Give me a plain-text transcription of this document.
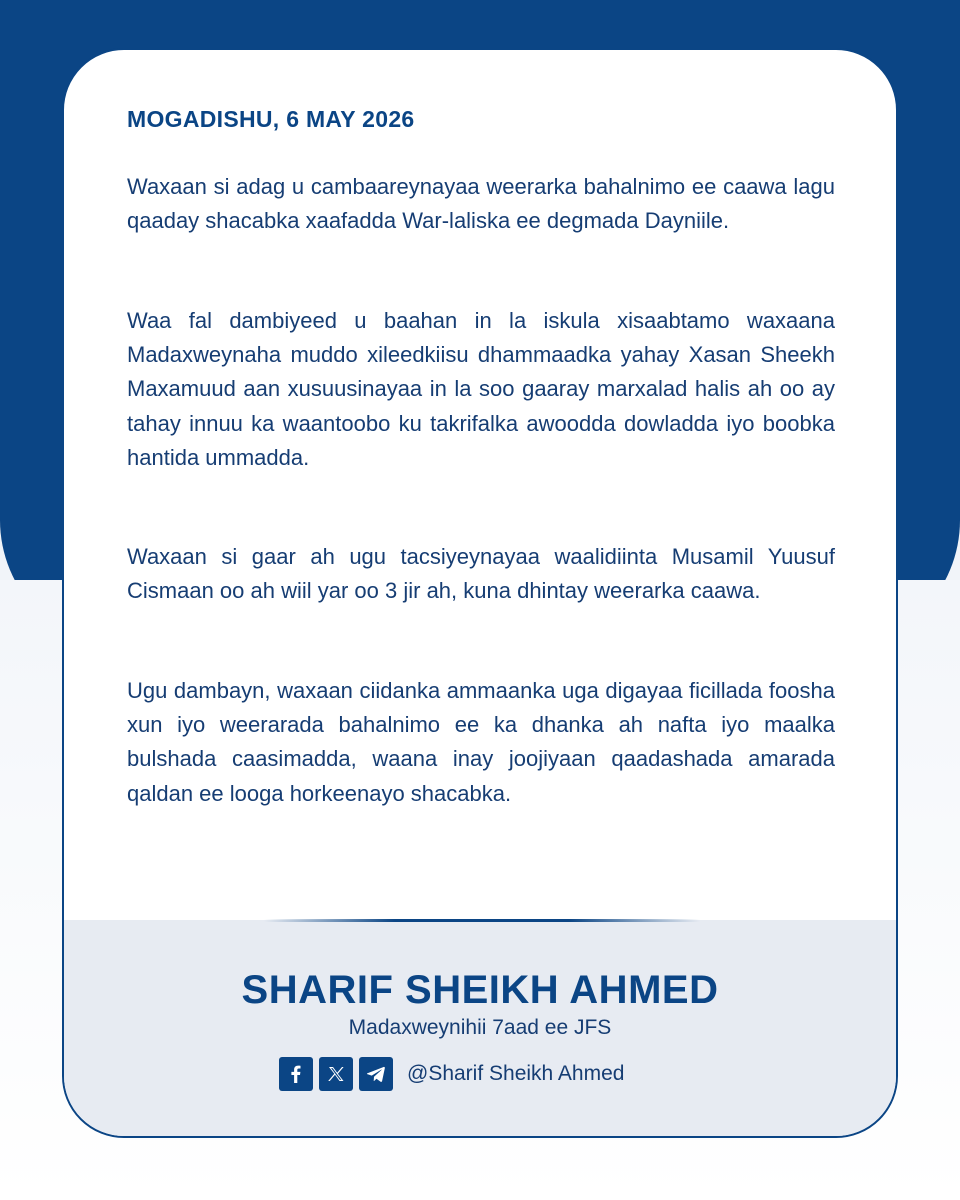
MOGADISHU, 6 MAY 2026
Waxaan si adag u cambaareynayaa weerarka bahalnimo ee caawa lagu qaaday shacabka xaafadda War-laliska ee degmada Dayniile.
Waa fal dambiyeed u baahan in la iskula xisaabtamo waxaana Madaxweynaha muddo xileedkiisu dhammaadka yahay Xasan Sheekh Maxamuud aan xusuusinayaa in la soo gaaray marxalad halis ah oo ay tahay innuu ka waantoobo ku takrifalka awoodda dowladda iyo boobka hantida ummadda.
Waxaan si gaar ah ugu tacsiyeynayaa waalidiinta Musamil Yuusuf Cismaan oo ah wiil yar oo 3 jir ah, kuna dhintay weerarka caawa.
Ugu dambayn, waxaan ciidanka ammaanka uga digayaa ficillada foosha xun iyo weerarada bahalnimo ee ka dhanka ah nafta iyo maalka bulshada caasimadda, waana inay joojiyaan qaadashada amarada qaldan ee looga horkeenayo shacabka.
SHARIF SHEIKH AHMED
Madaxweynihii 7aad ee JFS
@Sharif Sheikh Ahmed
